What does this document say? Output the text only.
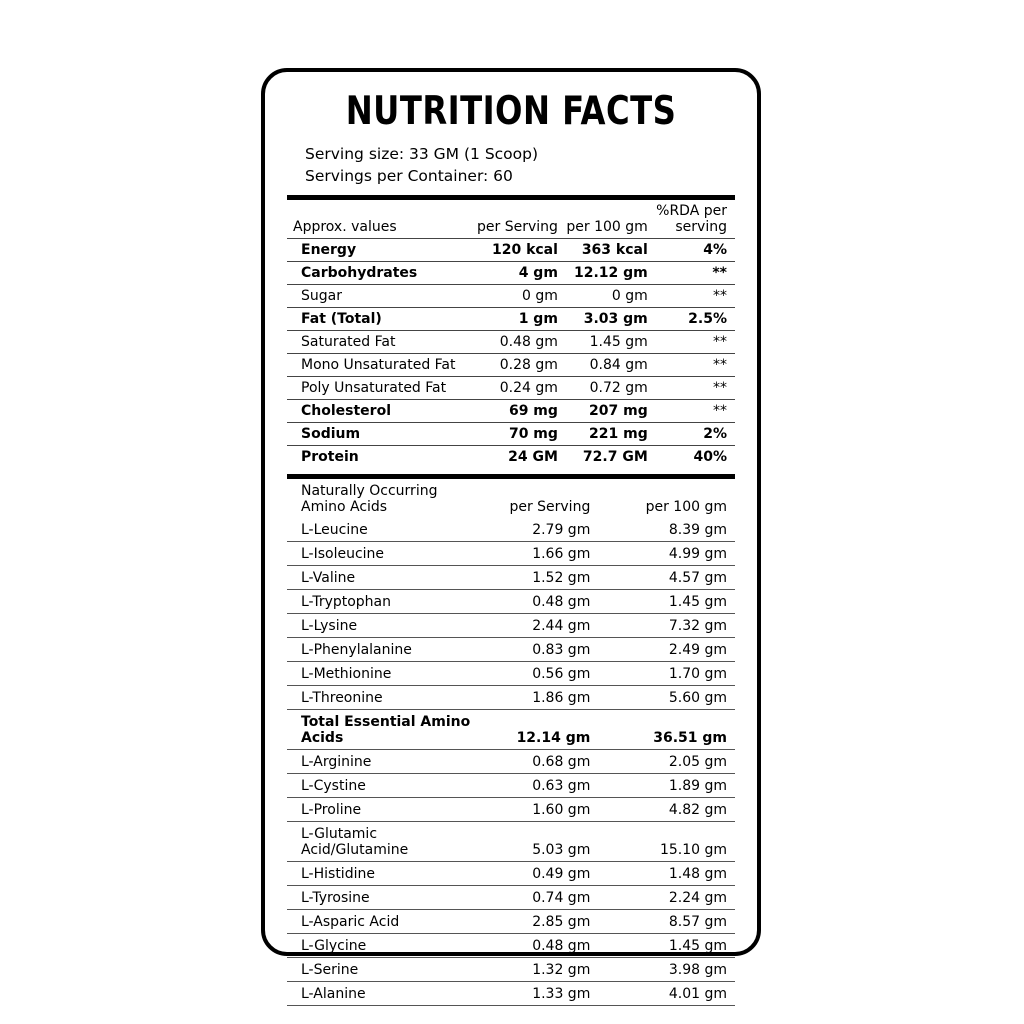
NUTRITION FACTS
Serving size: 33 GM (1 Scoop)
Servings per Container: 60
Approx. values	per Serving	per 100 gm	%RDA per serving
Energy	120 kcal	363 kcal	4%
Carbohydrates	4 gm	12.12 gm	**
Sugar	0 gm	0 gm	**
Fat (Total)	1 gm	3.03 gm	2.5%
Saturated Fat	0.48 gm	1.45 gm	**
Mono Unsaturated Fat	0.28 gm	0.84 gm	**
Poly Unsaturated Fat	0.24 gm	0.72 gm	**
Cholesterol	69 mg	207 mg	**
Sodium	70 mg	221 mg	2%
Protein	24 GM	72.7 GM	40%
Naturally Occurring Amino Acids	per Serving	per 100 gm
L-Leucine	2.79 gm	8.39 gm
L-Isoleucine	1.66 gm	4.99 gm
L-Valine	1.52 gm	4.57 gm
L-Tryptophan	0.48 gm	1.45 gm
L-Lysine	2.44 gm	7.32 gm
L-Phenylalanine	0.83 gm	2.49 gm
L-Methionine	0.56 gm	1.70 gm
L-Threonine	1.86 gm	5.60 gm
Total Essential Amino Acids	12.14 gm	36.51 gm
L-Arginine	0.68 gm	2.05 gm
L-Cystine	0.63 gm	1.89 gm
L-Proline	1.60 gm	4.82 gm
L-Glutamic Acid/Glutamine	5.03 gm	15.10 gm
L-Histidine	0.49 gm	1.48 gm
L-Tyrosine	0.74 gm	2.24 gm
L-Asparic Acid	2.85 gm	8.57 gm
L-Glycine	0.48 gm	1.45 gm
L-Serine	1.32 gm	3.98 gm
L-Alanine	1.33 gm	4.01 gm
